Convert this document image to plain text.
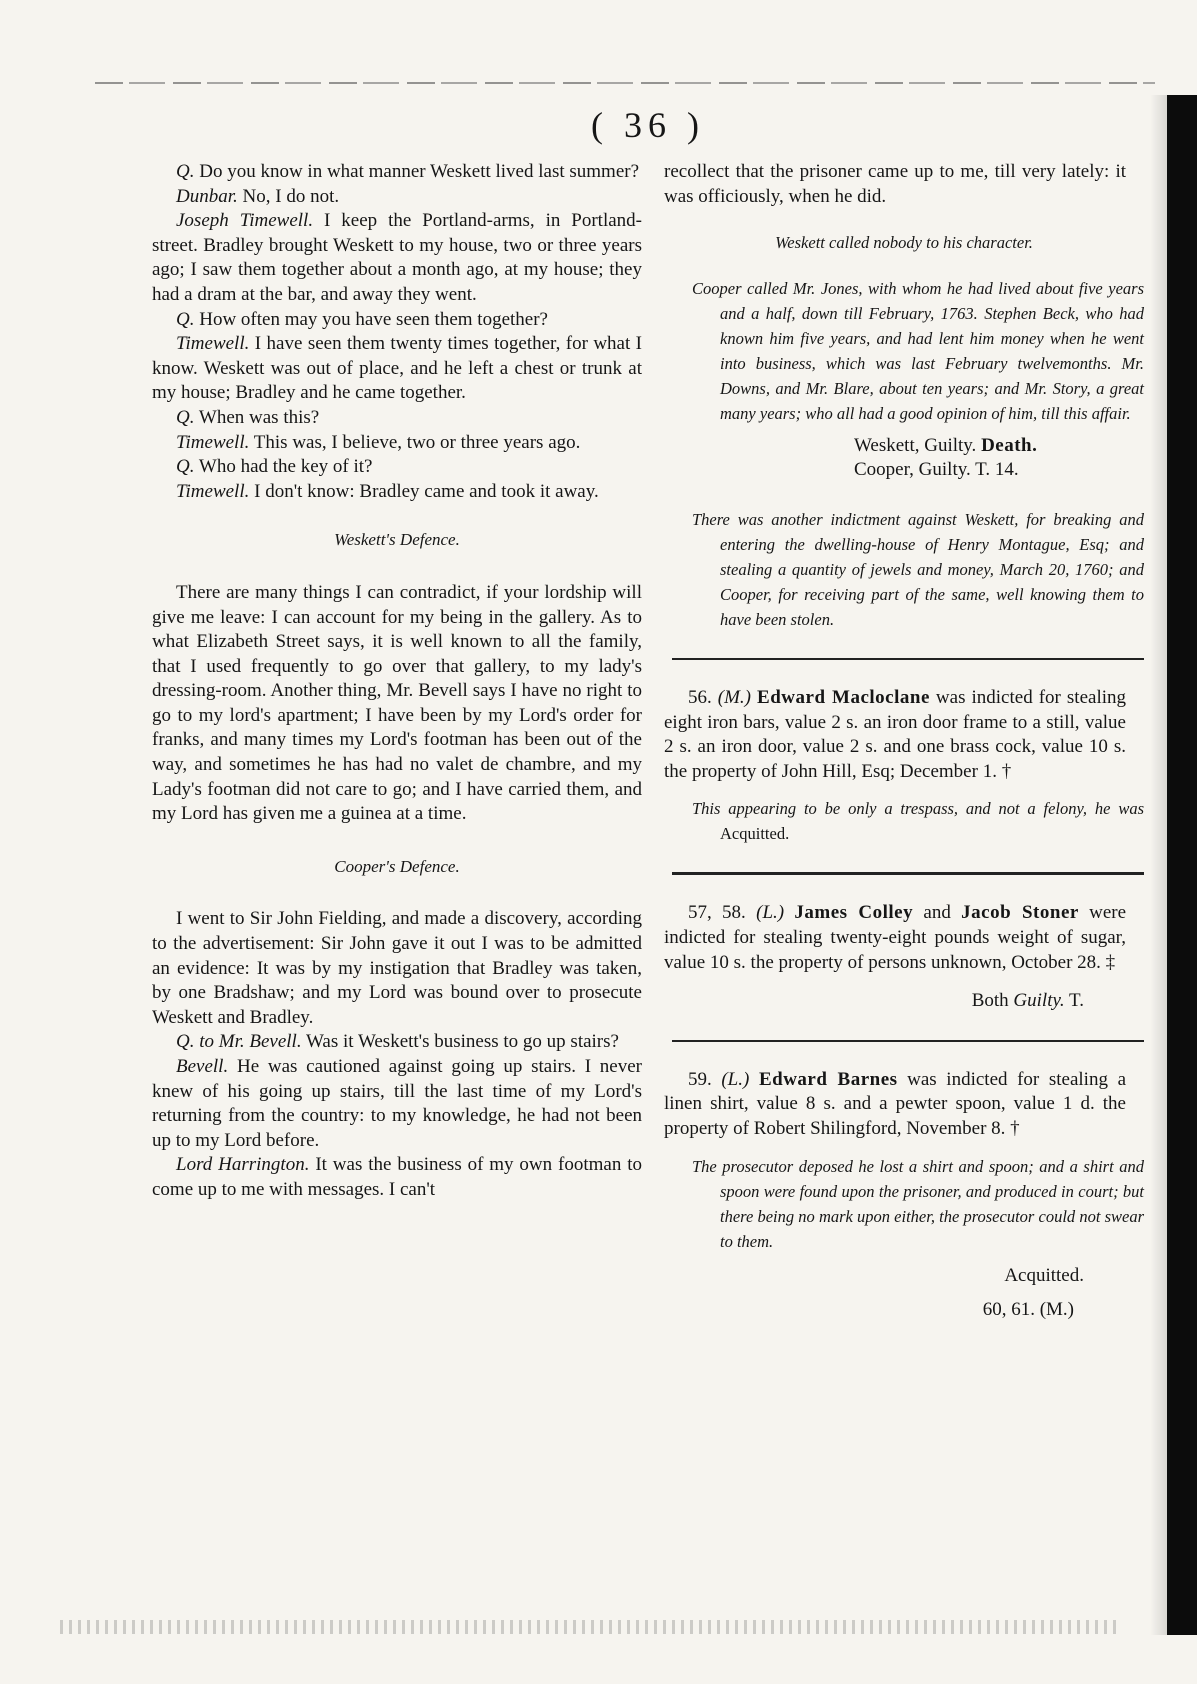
( 36 )

Q. Do you know in what manner Weskett lived last summer?

Dunbar. No, I do not.

Joseph Timewell. I keep the Portland-arms, in Portland-street. Bradley brought Weskett to my house, two or three years ago; I saw them together about a month ago, at my house; they had a dram at the bar, and away they went.

Q. How often may you have seen them together?

Timewell. I have seen them twenty times together, for what I know. Weskett was out of place, and he left a chest or trunk at my house; Bradley and he came together.

Q. When was this?

Timewell. This was, I believe, two or three years ago.

Q. Who had the key of it?

Timewell. I don't know: Bradley came and took it away.

Weskett's Defence.

There are many things I can contradict, if your lordship will give me leave: I can account for my being in the gallery. As to what Elizabeth Street says, it is well known to all the family, that I used frequently to go over that gallery, to my lady's dressing-room. Another thing, Mr. Bevell says I have no right to go to my lord's apartment; I have been by my Lord's order for franks, and many times my Lord's footman has been out of the way, and sometimes he has had no valet de chambre, and my Lady's footman did not care to go; and I have carried them, and my Lord has given me a guinea at a time.

Cooper's Defence.

I went to Sir John Fielding, and made a discovery, according to the advertisement: Sir John gave it out I was to be admitted an evidence: It was by my instigation that Bradley was taken, by one Bradshaw; and my Lord was bound over to prosecute Weskett and Bradley.

Q. to Mr. Bevell. Was it Weskett's business to go up stairs?

Bevell. He was cautioned against going up stairs. I never knew of his going up stairs, till the last time of my Lord's returning from the country: to my knowledge, he had not been up to my Lord before.

Lord Harrington. It was the business of my own footman to come up to me with messages. I can't

recollect that the prisoner came up to me, till very lately: it was officiously, when he did.

Weskett called nobody to his character.

Cooper called Mr. Jones, with whom he had lived about five years and a half, down till February, 1763. Stephen Beck, who had known him five years, and had lent him money when he went into business, which was last February twelvemonths. Mr. Downs, and Mr. Blare, about ten years; and Mr. Story, a great many years; who all had a good opinion of him, till this affair.

Weskett, Guilty. Death.
Cooper, Guilty. T. 14.

There was another indictment against Weskett, for breaking and entering the dwelling-house of Henry Montague, Esq; and stealing a quantity of jewels and money, March 20, 1760; and Cooper, for receiving part of the same, well knowing them to have been stolen.

56. (M.) Edward Macloclane was indicted for stealing eight iron bars, value 2 s. an iron door frame to a still, value 2 s. an iron door, value 2 s. and one brass cock, value 10 s. the property of John Hill, Esq; December 1. †

This appearing to be only a trespass, and not a felony, he was Acquitted.

57, 58. (L.) James Colley and Jacob Stoner were indicted for stealing twenty-eight pounds weight of sugar, value 10 s. the property of persons unknown, October 28. ‡

Both Guilty. T.

59. (L.) Edward Barnes was indicted for stealing a linen shirt, value 8 s. and a pewter spoon, value 1 d. the property of Robert Shilingford, November 8. †

The prosecutor deposed he lost a shirt and spoon; and a shirt and spoon were found upon the prisoner, and produced in court; but there being no mark upon either, the prosecutor could not swear to them.

Acquitted.
60, 61. (M.)
